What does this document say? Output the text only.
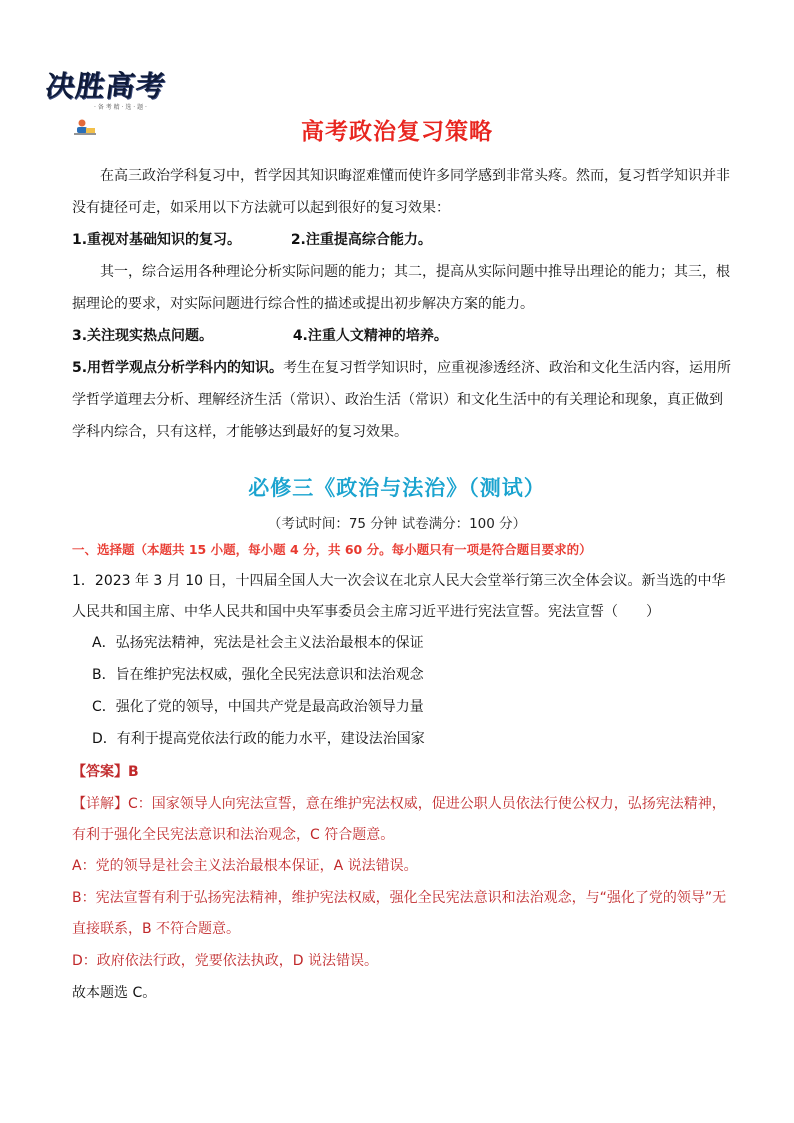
决胜高考
· 备 考 精 · 选 · 题 ·
高考政治复习策略
在高三政治学科复习中，哲学因其知识晦涩难懂而使许多同学感到非常头疼。然而，复习哲学知识并非没有捷径可走，如采用以下方法就可以起到很好的复习效果：
1.重视对基础知识的复习。	2.注重提高综合能力。
其一，综合运用各种理论分析实际问题的能力；其二，提高从实际问题中推导出理论的能力；其三，根据理论的要求，对实际问题进行综合性的描述或提出初步解决方案的能力。
3.关注现实热点问题。	4.注重人文精神的培养。
5.用哲学观点分析学科内的知识。考生在复习哲学知识时，应重视渗透经济、政治和文化生活内容，运用所学哲学道理去分析、理解经济生活（常识）、政治生活（常识）和文化生活中的有关理论和现象，真正做到学科内综合，只有这样，才能够达到最好的复习效果。
必修三《政治与法治》（测试）
（考试时间：75 分钟 试卷满分：100 分）
一、选择题（本题共 15 小题，每小题 4 分，共 60 分。每小题只有一项是符合题目要求的）
1．2023 年 3 月 10 日，十四届全国人大一次会议在北京人民大会堂举行第三次全体会议。新当选的中华人民共和国主席、中华人民共和国中央军事委员会主席习近平进行宪法宣誓。宪法宣誓（　　）
A．弘扬宪法精神，宪法是社会主义法治最根本的保证
B．旨在维护宪法权威，强化全民宪法意识和法治观念
C．强化了党的领导，中国共产党是最高政治领导力量
D．有利于提高党依法行政的能力水平，建设法治国家
【答案】B
【详解】C：国家领导人向宪法宣誓，意在维护宪法权威，促进公职人员依法行使公权力，弘扬宪法精神，有利于强化全民宪法意识和法治观念，C 符合题意。
A：党的领导是社会主义法治最根本保证，A 说法错误。
B：宪法宣誓有利于弘扬宪法精神，维护宪法权威，强化全民宪法意识和法治观念，与“强化了党的领导”无直接联系，B 不符合题意。
D：政府依法行政，党要依法执政，D 说法错误。
故本题选 C。
